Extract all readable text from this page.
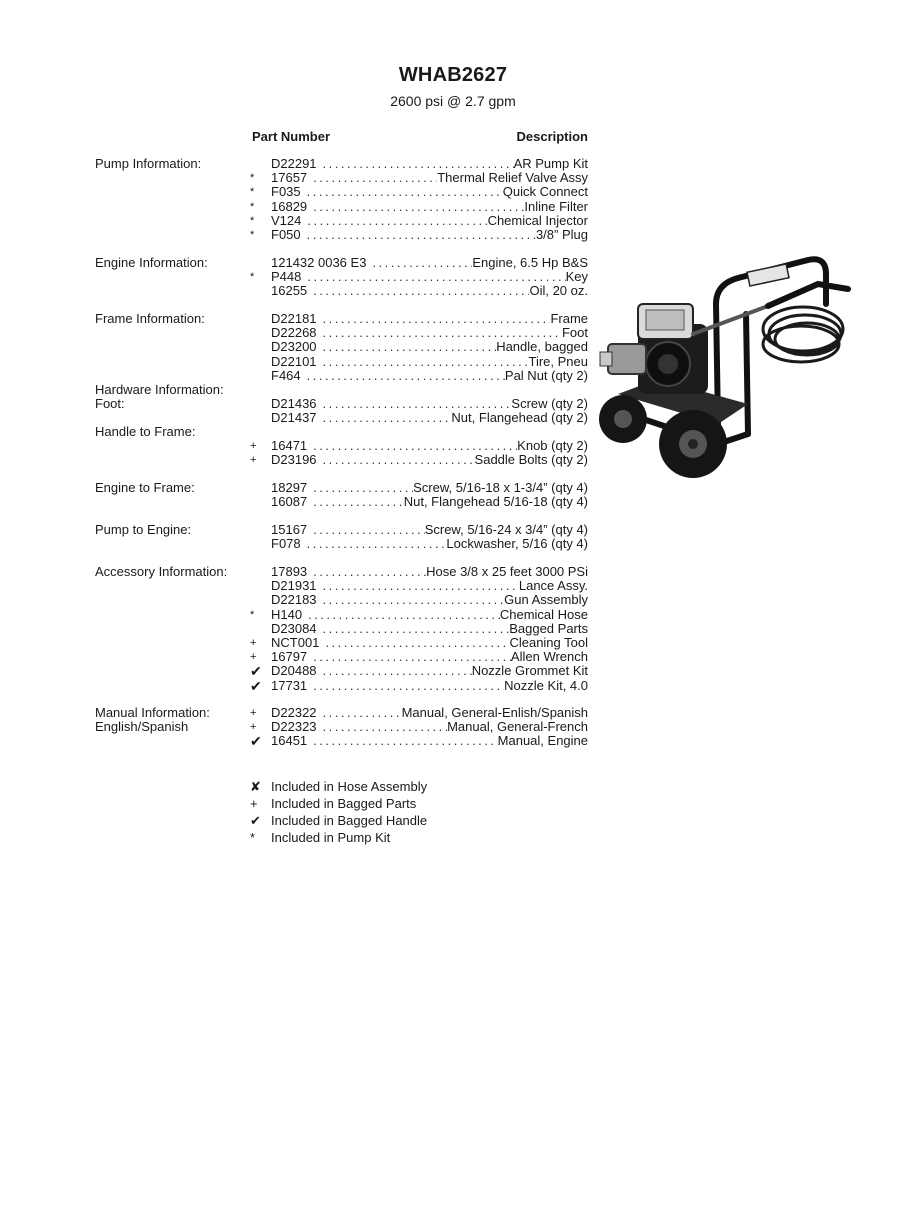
WHAB2627
2600 psi @ 2.7 gpm
Part Number	Description
Pump Information:	D22291 .....	AR Pump Kit
*	17657 .....	Thermal Relief Valve Assy
*	F035 .....	Quick Connect
*	16829 .....	Inline Filter
*	V124 .....	Chemical Injector
*	F050 .....	3/8” Plug
Engine Information:	121432 0036 E3 .....	Engine, 6.5 Hp B&S
*	P448 .....	Key
16255 .....	Oil, 20 oz.
Frame Information:	D22181 .....	Frame
D22268 .....	Foot
D23200 .....	Handle, bagged
D22101 .....	Tire, Pneu
F464 .....	Pal Nut (qty 2)
Hardware Information:
Foot:	D21436 .....	Screw (qty 2)
D21437 .....	Nut, Flangehead (qty 2)
Handle to Frame:
+	16471 .....	Knob (qty 2)
+	D23196 .....	Saddle Bolts (qty 2)
Engine to Frame:	18297 .....	Screw, 5/16-18 x 1-3/4” (qty 4)
16087 .....	Nut, Flangehead 5/16-18 (qty 4)
Pump to Engine:	15167 .....	Screw, 5/16-24 x 3/4” (qty 4)
F078 .....	Lockwasher, 5/16 (qty 4)
Accessory Information:	17893 .....	Hose 3/8 x 25 feet 3000 PSi
D21931 .....	Lance Assy.
D22183 .....	Gun Assembly
*	H140 .....	Chemical Hose
D23084 .....	Bagged Parts
+	NCT001 .....	Cleaning Tool
+	16797 .....	Allen Wrench
✔ D20488 .....	Nozzle Grommet Kit
✔ 17731 .....	Nozzle Kit, 4.0
Manual Information:
English/Spanish
+	D22322 .....	Manual, General-Enlish/Spanish
+	D22323 .....	Manual, General-French
✔ 16451 .....	Manual, Engine
✘ Included in Hose Assembly
+	Included in Bagged Parts
✔ Included in Bagged Handle
*	Included in Pump Kit
